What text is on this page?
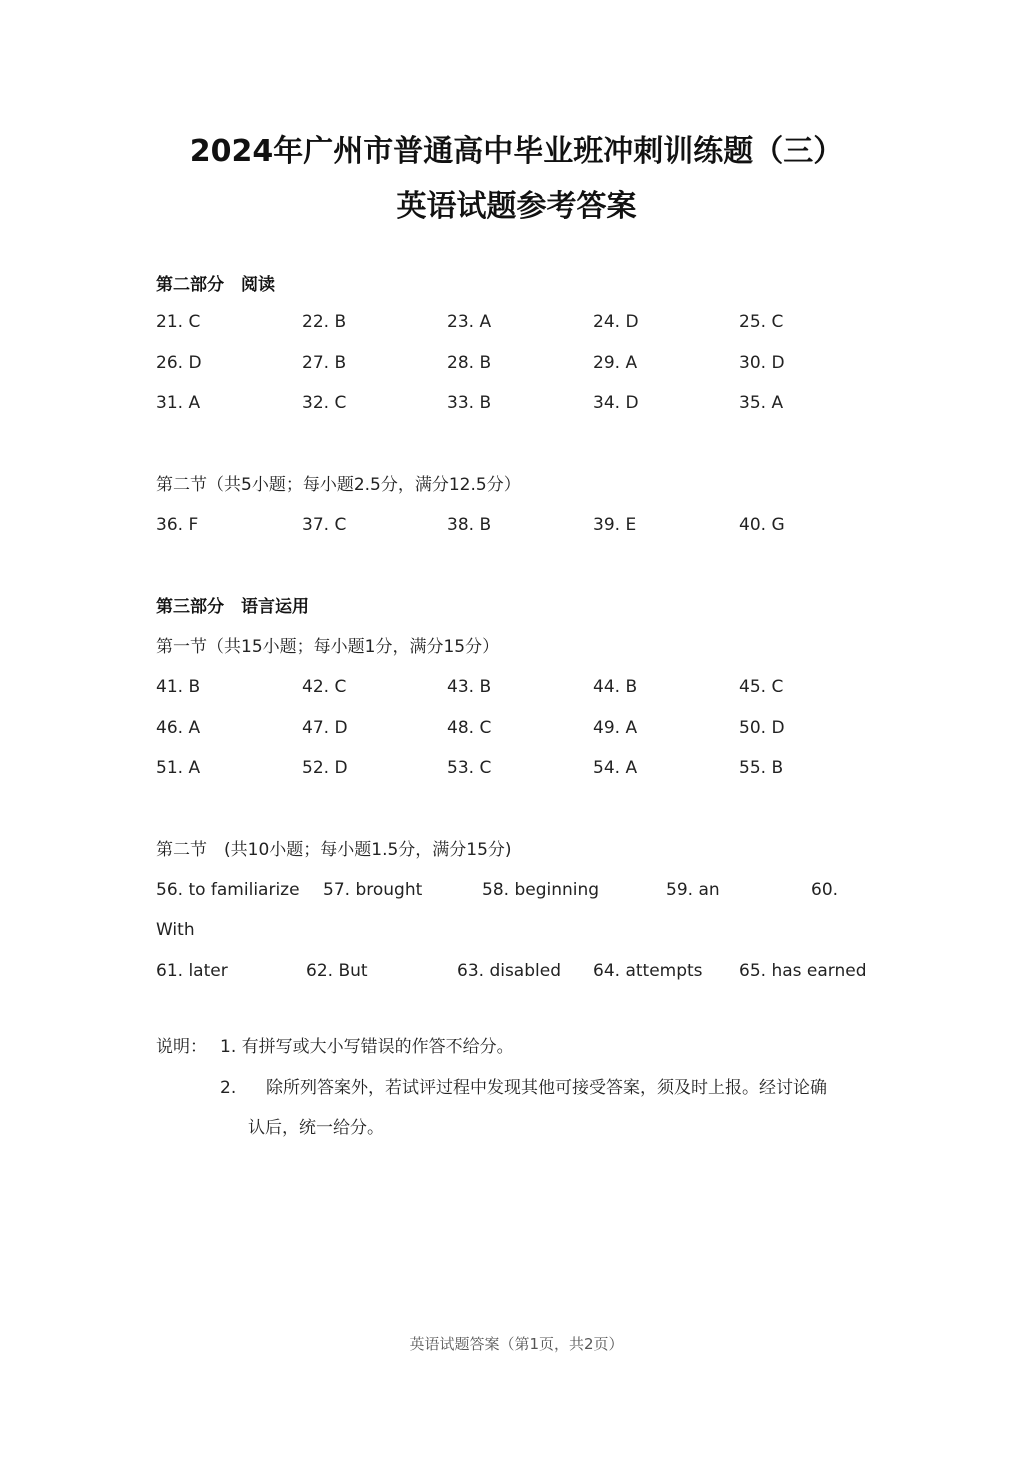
2024年广州市普通高中毕业班冲刺训练题（三）
英语试题参考答案
第二部分　阅读
21. C	22. B	23. A	24. D	25. C
26. D	27. B	28. B	29. A	30. D
31. A	32. C	33. B	34. D	35. A
第二节（共5小题；每小题2.5分，满分12.5分）
36. F	37. C	38. B	39. E	40. G
第三部分　语言运用
第一节（共15小题；每小题1分，满分15分）
41. B	42. C	43. B	44. B	45. C
46. A	47. D	48. C	49. A	50. D
51. A	52. D	53. C	54. A	55. B
第二节　(共10小题；每小题1.5分，满分15分)
56. to familiarize 57. brought	58. beginning	59. an	60.
With
61. later	62. But	63. disabled 64. attempts 65. has earned
说明： 1. 有拼写或大小写错误的作答不给分。
2. 除所列答案外，若试评过程中发现其他可接受答案，须及时上报。经讨论确
认后，统一给分。
英语试题答案（第1页，共2页）
